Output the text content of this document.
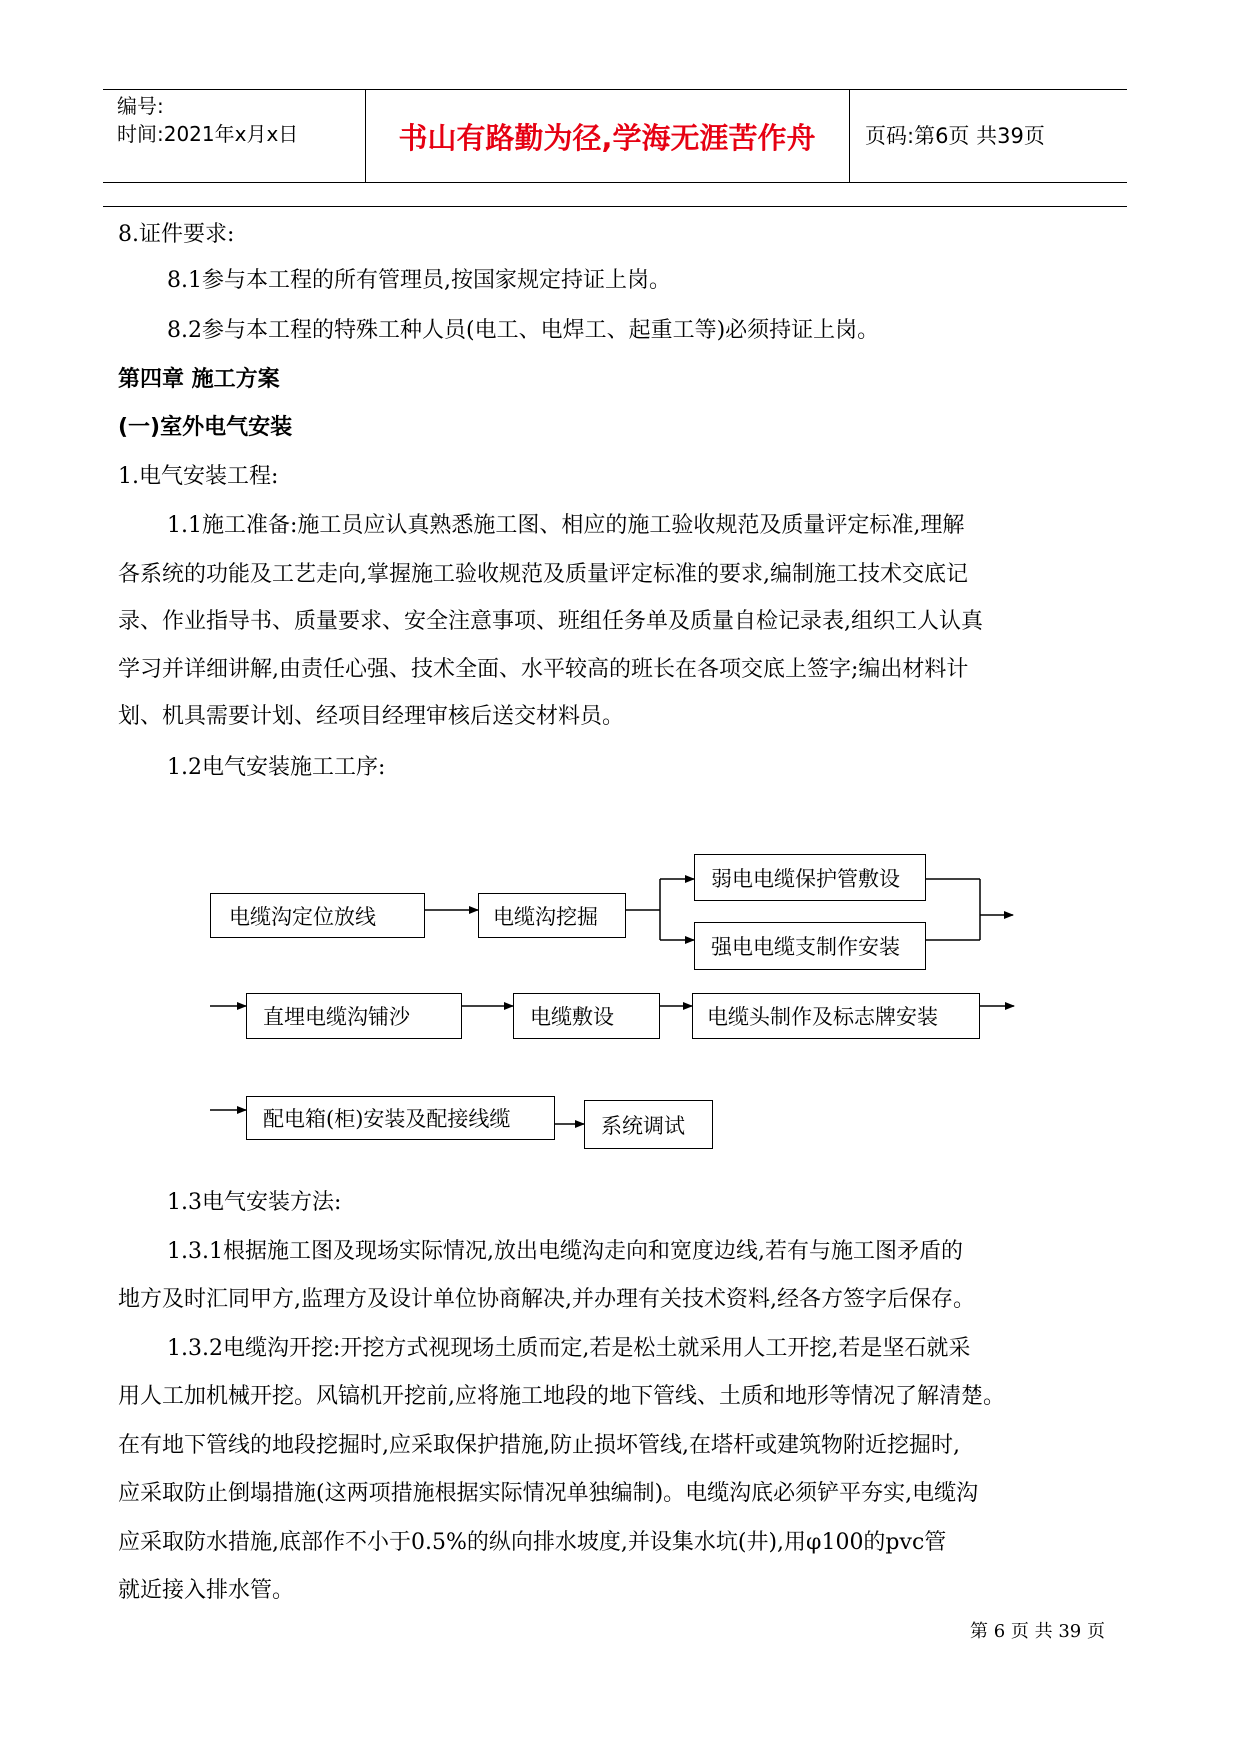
编号:
时间:2021年x月x日	书山有路勤为径,学海无涯苦作舟	页码:第6页 共39页
8.证件要求:
8.1参与本工程的所有管理员,按国家规定持证上岗。
8.2参与本工程的特殊工种人员(电工、电焊工、起重工等)必须持证上岗。
第四章 施工方案
(一)室外电气安装
1.电气安装工程:
1.1施工准备:施工员应认真熟悉施工图、相应的施工验收规范及质量评定标准,理解
各系统的功能及工艺走向,掌握施工验收规范及质量评定标准的要求,编制施工技术交底记
录、作业指导书、质量要求、安全注意事项、班组任务单及质量自检记录表,组织工人认真
学习并详细讲解,由责任心强、技术全面、水平较高的班长在各项交底上签字;编出材料计
划、机具需要计划、经项目经理审核后送交材料员。
1.2电气安装施工工序:
电缆沟定位放线	电缆沟挖掘
弱电电缆保护管敷设
强电电缆支制作安装
直埋电缆沟铺沙	电缆敷设	电缆头制作及标志牌安装
配电箱(柜)安装及配接线缆	系统调试
1.3电气安装方法:
1.3.1根据施工图及现场实际情况,放出电缆沟走向和宽度边线,若有与施工图矛盾的
地方及时汇同甲方,监理方及设计单位协商解决,并办理有关技术资料,经各方签字后保存。
1.3.2电缆沟开挖:开挖方式视现场土质而定,若是松土就采用人工开挖,若是坚石就采
用人工加机械开挖。风镐机开挖前,应将施工地段的地下管线、土质和地形等情况了解清楚。
在有地下管线的地段挖掘时,应采取保护措施,防止损坏管线,在塔杆或建筑物附近挖掘时,
应采取防止倒塌措施(这两项措施根据实际情况单独编制)。电缆沟底必须铲平夯实,电缆沟
应采取防水措施,底部作不小于0.5%的纵向排水坡度,并设集水坑(井),用φ100的pvc管
就近接入排水管。
第 6 页 共 39 页
